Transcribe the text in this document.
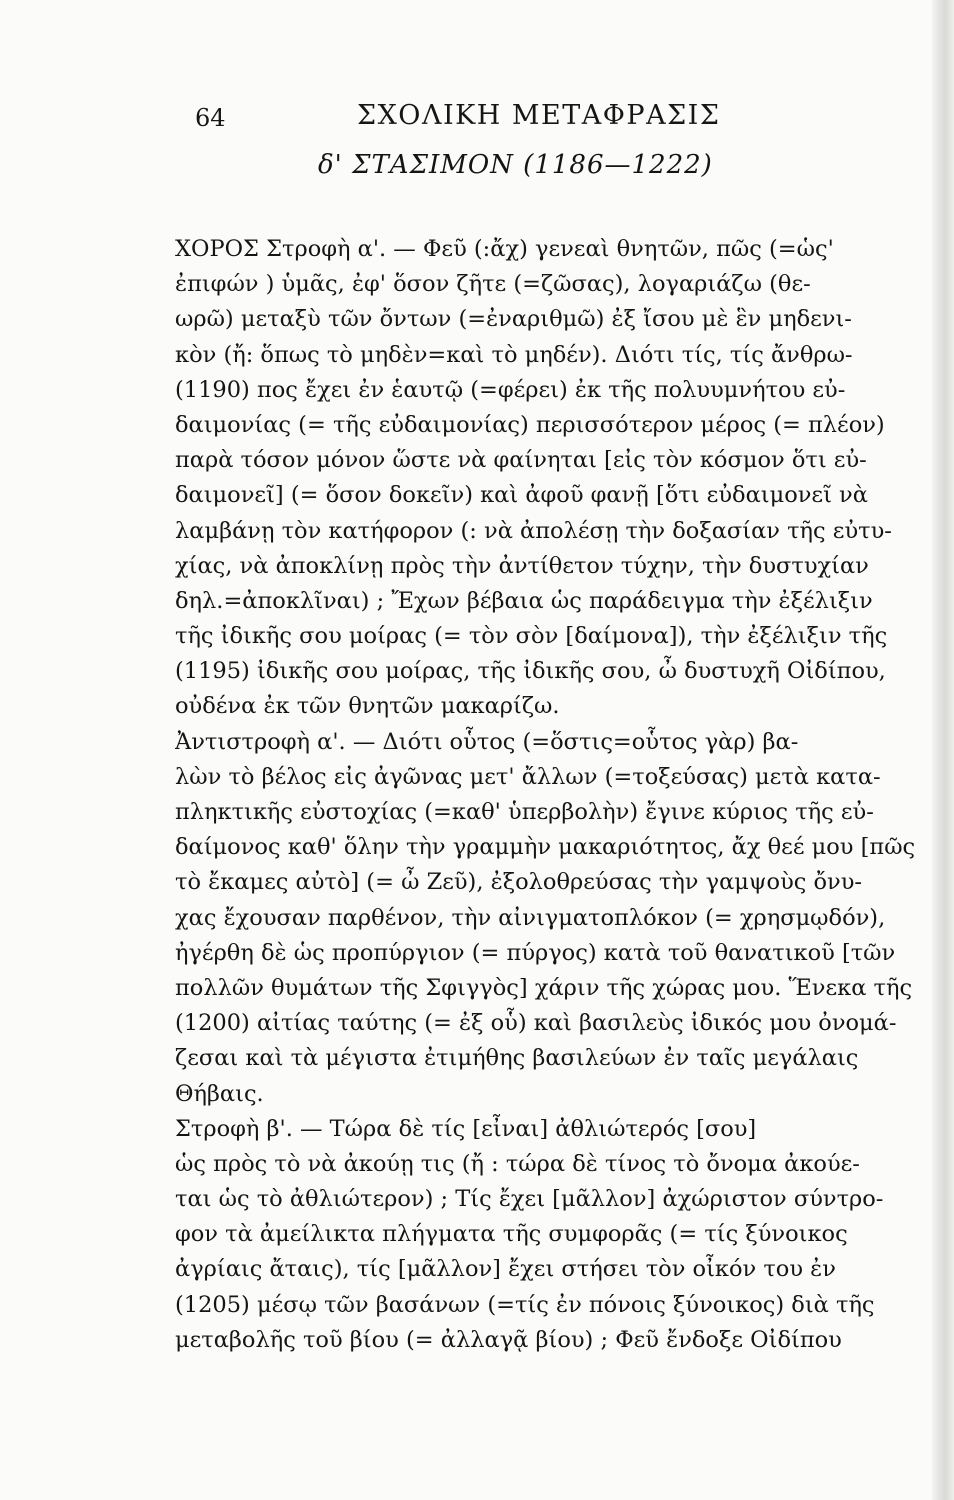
64	ΣΧΟΛΙΚΗ ΜΕΤΑΦΡΑΣΙΣ
δ' ΣΤΑΣΙΜΟΝ (1186—1222)
ΧΟΡΟΣ Στροφὴ α'. — Φεῦ (:ἄχ) γενεαὶ θνητῶν, πῶς (=ὡς'
ἐπιφών ) ὑμᾶς, ἐφ' ὅσον ζῆτε (=ζῶσας), λογαριάζω (θε-
ωρῶ) μεταξὺ τῶν ὄντων (=ἐναριθμῶ) ἐξ ἴσου μὲ ἓν μηδενι-
κὸν (ἤ: ὅπως τὸ μηδὲν=καὶ τὸ μηδέν). Διότι τίς, τίς ἄνθρω-
(1190) πος ἔχει ἐν ἑαυτῷ (=φέρει) ἐκ τῆς πολυυμνήτου εὐ-
δαιμονίας (= τῆς εὐδαιμονίας) περισσότερον μέρος (= πλέον)
παρὰ τόσον μόνον ὥστε νὰ φαίνηται [εἰς τὸν κόσμον ὅτι εὐ-
δαιμονεῖ] (= ὅσον δοκεῖν) καὶ ἀφοῦ φανῇ [ὅτι εὐδαιμονεῖ νὰ
λαμβάνῃ τὸν κατήφορον (: νὰ ἀπολέσῃ τὴν δοξασίαν τῆς εὐτυ-
χίας, νὰ ἀποκλίνῃ πρὸς τὴν ἀντίθετον τύχην, τὴν δυστυχίαν
δηλ.=ἀποκλῖναι) ; Ἔχων βέβαια ὡς παράδειγμα τὴν ἐξέλιξιν
τῆς ἰδικῆς σου μοίρας (= τὸν σὸν [δαίμονα]), τὴν ἐξέλιξιν τῆς
(1195) ἰδικῆς σου μοίρας, τῆς ἰδικῆς σου, ὦ δυστυχῆ Οἰδίπου,
οὐδένα ἐκ τῶν θνητῶν μακαρίζω.
Ἀντιστροφὴ α'. — Διότι οὗτος (=ὅστις=οὗτος γὰρ) βα-
λὼν τὸ βέλος εἰς ἀγῶνας μετ' ἄλλων (=τοξεύσας) μετὰ κατα-
πληκτικῆς εὐστοχίας (=καθ' ὑπερβολὴν) ἔγινε κύριος τῆς εὐ-
δαίμονος καθ' ὅλην τὴν γραμμὴν μακαριότητος, ἄχ θεέ μου [πῶς
τὸ ἔκαμες αὐτὸ] (= ὦ Ζεῦ), ἐξολοθρεύσας τὴν γαμψοὺς ὄνυ-
χας ἔχουσαν παρθένον, τὴν αἰνιγματοπλόκον (= χρησμῳδόν),
ἠγέρθη δὲ ὡς προπύργιον (= πύργος) κατὰ τοῦ θανατικοῦ [τῶν
πολλῶν θυμάτων τῆς Σφιγγὸς] χάριν τῆς χώρας μου. Ἕνεκα τῆς
(1200) αἰτίας ταύτης (= ἐξ οὗ) καὶ βασιλεὺς ἰδικός μου ὀνομά-
ζεσαι καὶ τὰ μέγιστα ἐτιμήθης βασιλεύων ἐν ταῖς μεγάλαις
Θήβαις.
Στροφὴ β'. — Τώρα δὲ τίς [εἶναι] ἀθλιώτερός [σου]
ὡς πρὸς τὸ νὰ ἀκούῃ τις (ἤ : τώρα δὲ τίνος τὸ ὄνομα ἀκούε-
ται ὡς τὸ ἀθλιώτερον) ; Τίς ἔχει [μᾶλλον] ἀχώριστον σύντρο-
φον τὰ ἀμείλικτα πλήγματα τῆς συμφορᾶς (= τίς ξύνοικος
ἀγρίαις ἄταις), τίς [μᾶλλον] ἔχει στήσει τὸν οἶκόν του ἐν
(1205) μέσῳ τῶν βασάνων (=τίς ἐν πόνοις ξύνοικος) διὰ τῆς
μεταβολῆς τοῦ βίου (= ἀλλαγᾷ βίου) ; Φεῦ ἔνδοξε Οἰδίπου
